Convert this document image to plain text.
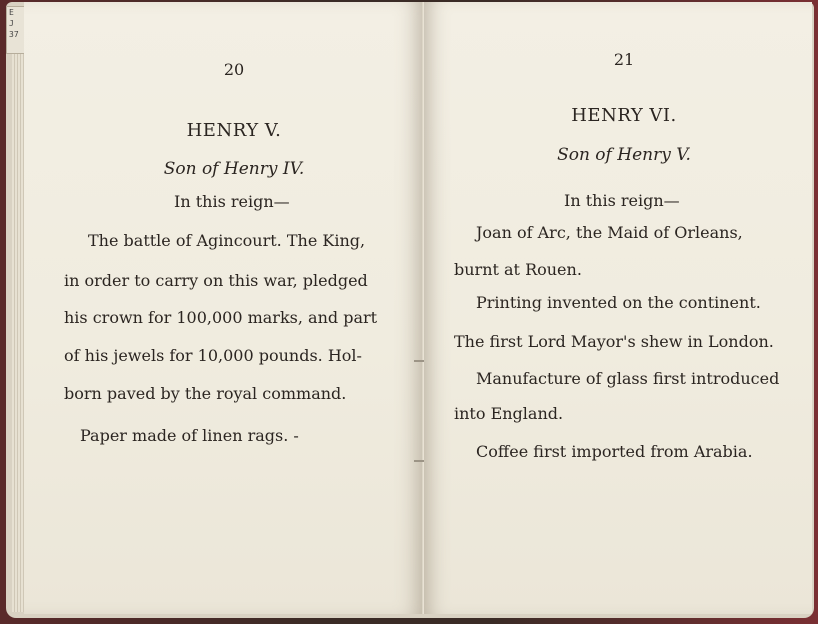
E
J
37
20
HENRY V.
Son of Henry IV.
In this reign—
The battle of Agincourt. The King,
in order to carry on this war, pledged
his crown for 100,000 marks, and part
of his jewels for 10,000 pounds. Hol-
born paved by the royal command.
Paper made of linen rags. -
21
HENRY VI.
Son of Henry V.
In this reign—
Joan of Arc, the Maid of Orleans,
burnt at Rouen.
Printing invented on the continent.
The first Lord Mayor's shew in London.
Manufacture of glass first introduced
into England.
Coffee first imported from Arabia.
